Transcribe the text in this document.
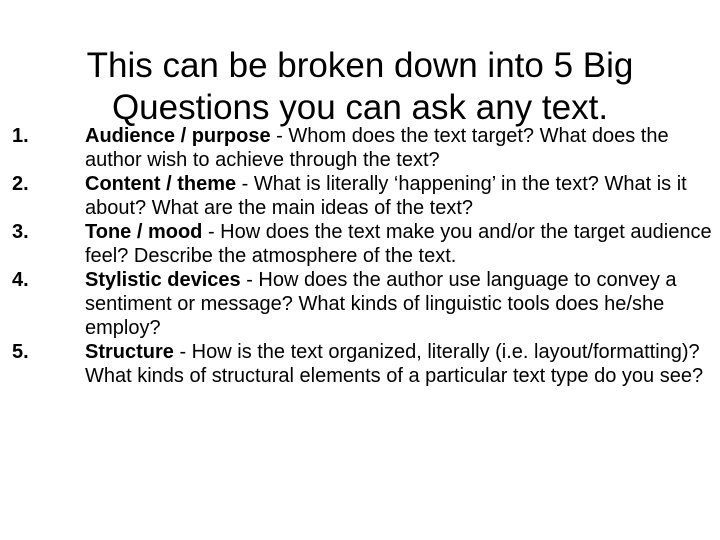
This can be broken down into 5 Big
Questions you can ask any text.
1.	Audience / purpose - Whom does the text target? What does the author wish to achieve through the text?
2.	Content / theme - What is literally ‘happening’ in the text? What is it about? What are the main ideas of the text?
3.	Tone / mood - How does the text make you and/or the target audience feel? Describe the atmosphere of the text.
4.	Stylistic devices - How does the author use language to convey a sentiment or message? What kinds of linguistic tools does he/she employ?
5.	Structure - How is the text organized, literally (i.e. layout/formatting)? What kinds of structural elements of a particular text type do you see?
